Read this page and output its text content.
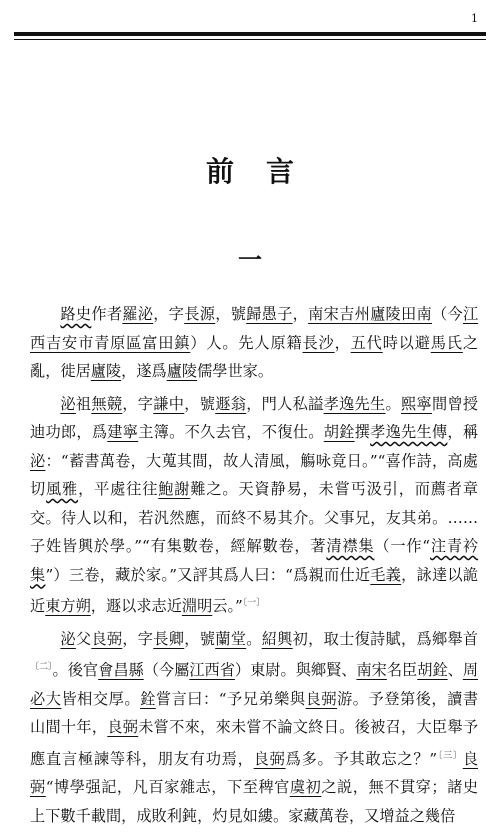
1
前言
一

路史作者羅泌，字長源，號歸愚子，南宋吉州廬陵田南（今江西吉安市青原區富田鎮）人。先人原籍長沙，五代時以避馬氏之亂，徙居廬陵，遂爲廬陵儒學世家。

泌祖無競，字謙中，號遯翁，門人私謚孝逸先生。熙寧間曾授迪功郎，爲建寧主簿。不久去官，不復仕。胡銓撰孝逸先生傳，稱泌：“蓄書萬卷，大蒐其間，故人清風，觴咏竟日。”“喜作詩，高處切風雅，平處往往鮑謝難之。天資静易，未嘗丐汲引，而薦者章交。待人以和，若汎然應，而終不易其介。父事兄，友其弟。……子姓皆興於學。”“有集數卷，經解數卷，著清襟集（一作“注青衿集”）三卷，藏於家。”又評其爲人曰：“爲親而仕近毛義，詠達以詭近東方朔，遯以求志近淵明云。”$^{〔一〕}$

泌父良弼，字長卿，號蘭堂。紹興初，取士復詩賦，爲鄉舉首$^{〔二〕}$。後官會昌縣（今屬江西省）東尉。與鄉賢、南宋名臣胡銓、周必大皆相交厚。銓嘗言曰：“予兄弟樂與良弼游。予登第後，讀書山間十年，良弼未嘗不來，來未嘗不論文終日。後被召，大臣舉予應直言極諫等科，朋友有功焉，良弼爲多。予其敢忘之？”$^{〔三〕}$良弼“博學强記，凡百家雜志，下至稗官虞初之説，無不貫穿；諸史上下數千載間，成敗利鈍，灼見如縷。家藏萬卷，又增益之幾倍
